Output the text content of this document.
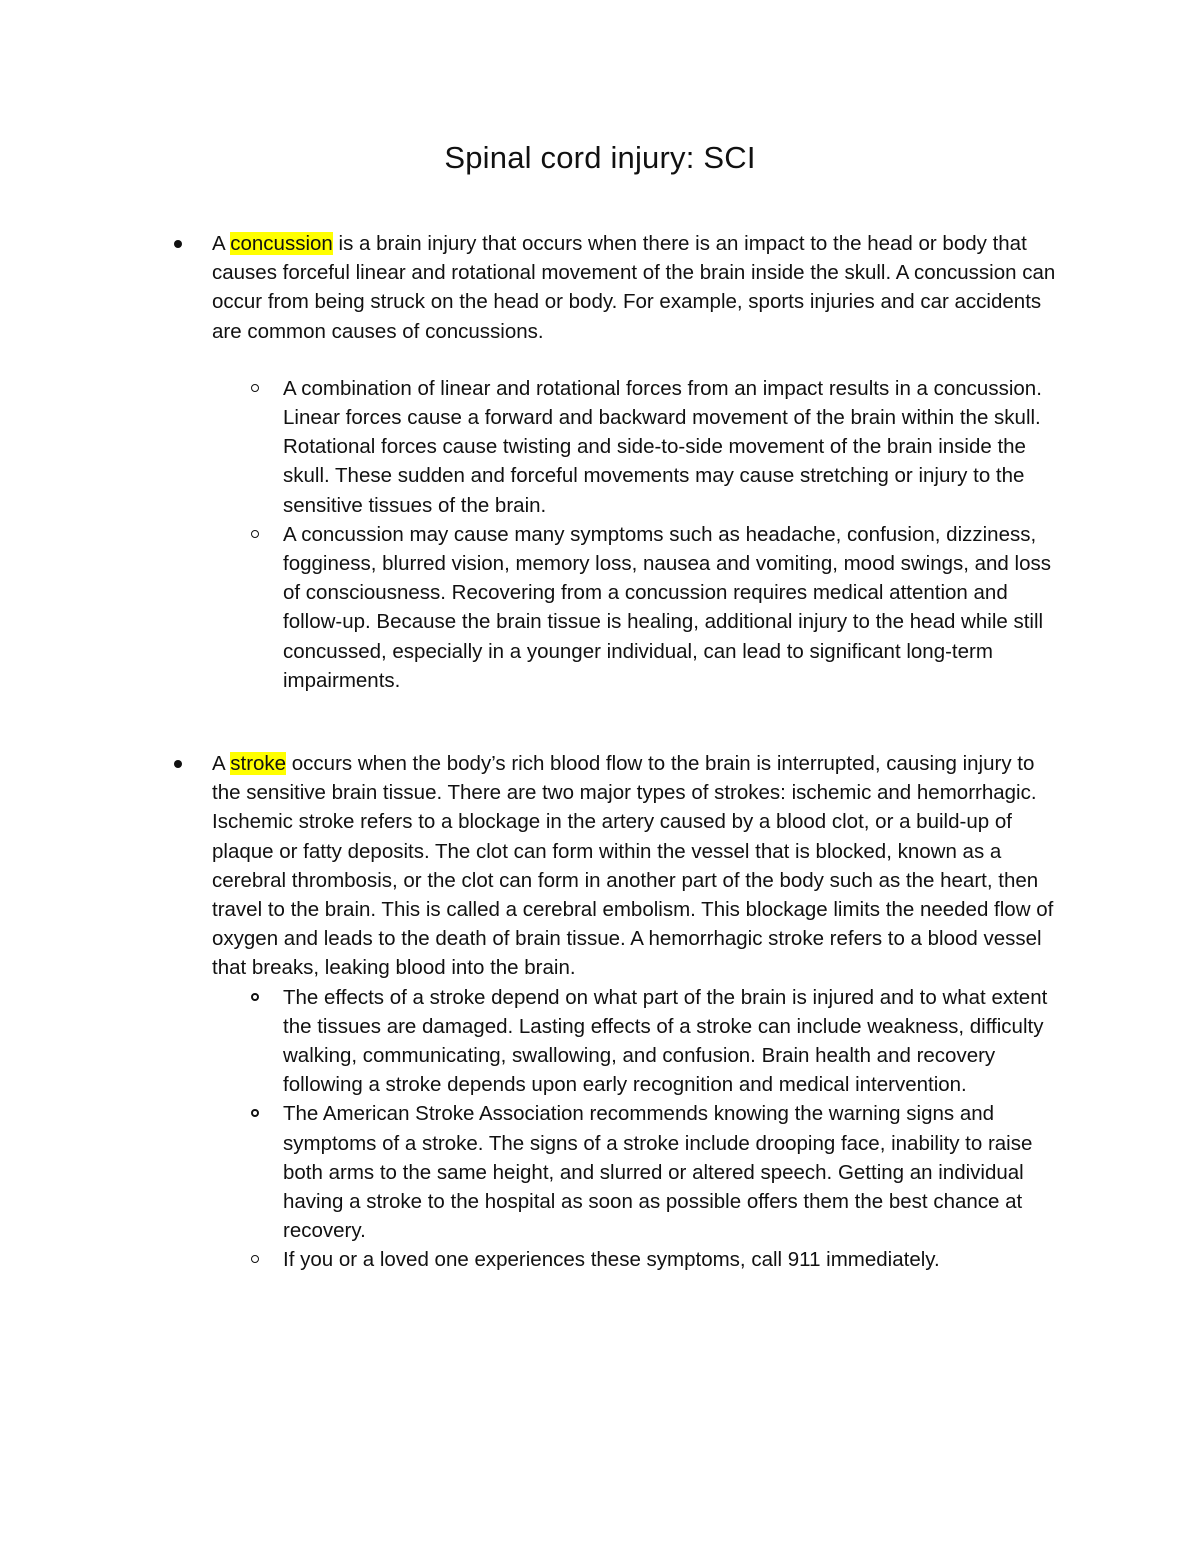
Spinal cord injury: SCI

A concussion is a brain injury that occurs when there is an impact to the head or body that causes forceful linear and rotational movement of the brain inside the skull. A concussion can occur from being struck on the head or body. For example, sports injuries and car accidents are common causes of concussions.

A combination of linear and rotational forces from an impact results in a concussion. Linear forces cause a forward and backward movement of the brain within the skull. Rotational forces cause twisting and side-to-side movement of the brain inside the skull. These sudden and forceful movements may cause stretching or injury to the sensitive tissues of the brain.

A concussion may cause many symptoms such as headache, confusion, dizziness, fogginess, blurred vision, memory loss, nausea and vomiting, mood swings, and loss of consciousness. Recovering from a concussion requires medical attention and follow-up. Because the brain tissue is healing, additional injury to the head while still concussed, especially in a younger individual, can lead to significant long-term impairments.

A stroke occurs when the body’s rich blood flow to the brain is interrupted, causing injury to the sensitive brain tissue. There are two major types of strokes: ischemic and hemorrhagic. Ischemic stroke refers to a blockage in the artery caused by a blood clot, or a build-up of plaque or fatty deposits. The clot can form within the vessel that is blocked, known as a cerebral thrombosis, or the clot can form in another part of the body such as the heart, then travel to the brain. This is called a cerebral embolism. This blockage limits the needed flow of oxygen and leads to the death of brain tissue. A hemorrhagic stroke refers to a blood vessel that breaks, leaking blood into the brain.

The effects of a stroke depend on what part of the brain is injured and to what extent the tissues are damaged. Lasting effects of a stroke can include weakness, difficulty walking, communicating, swallowing, and confusion. Brain health and recovery following a stroke depends upon early recognition and medical intervention.

The American Stroke Association recommends knowing the warning signs and symptoms of a stroke. The signs of a stroke include drooping face, inability to raise both arms to the same height, and slurred or altered speech. Getting an individual having a stroke to the hospital as soon as possible offers them the best chance at recovery.

If you or a loved one experiences these symptoms, call 911 immediately.
